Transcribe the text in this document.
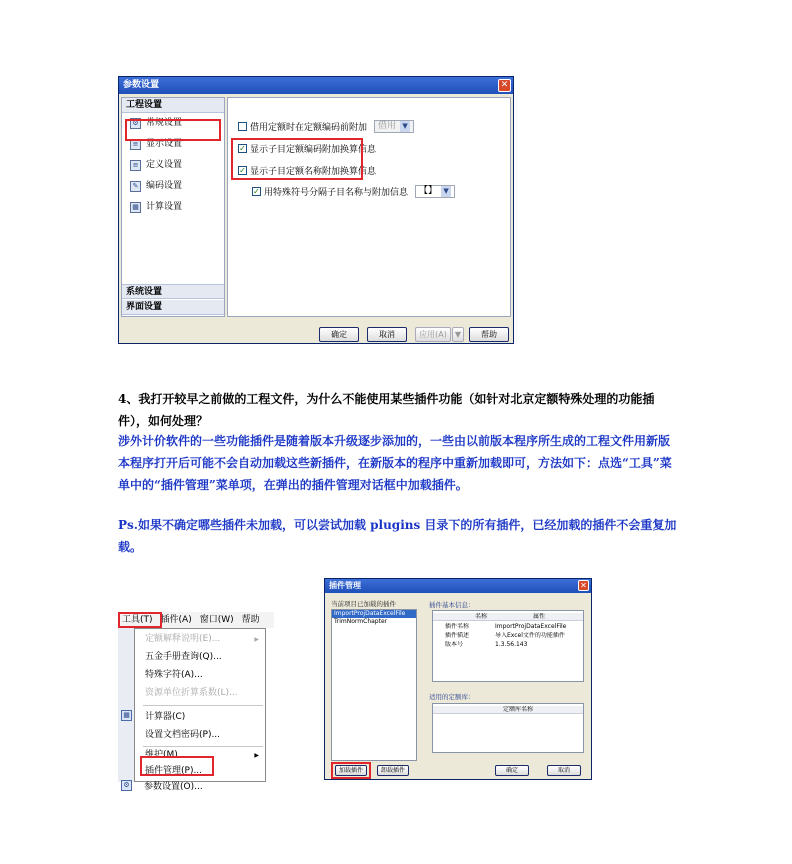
参数设置	✕
工程设置
⚙ 常规设置
≡ 显示设置
≡ 定义设置
✎ 编码设置
▦ 计算设置
系统设置
界面设置
借用定额时在定额编码前附加	借用 ▼
✓ 显示子目定额编码附加换算信息
✓ 显示子目定额名称附加换算信息
✓ 用特殊符号分隔子目名称与附加信息	【】 ▼
确定	取消	应用(A)	▼	帮助

4、我打开较早之前做的工程文件，为什么不能使用某些插件功能（如针对北京定额特殊处理的功能插件），如何处理？

涉外计价软件的一些功能插件是随着版本升级逐步添加的，一些由以前版本程序所生成的工程文件用新版本程序打开后可能不会自动加载这些新插件，在新版本的程序中重新加载即可，方法如下：点选“工具”菜单中的“插件管理”菜单项，在弹出的插件管理对话框中加载插件。

Ps.如果不确定哪些插件未加载，可以尝试加载 plugins 目录下的所有插件，已经加载的插件不会重复加载。

工具(T) 插件(A) 窗口(W) 帮助
定额解释说明(E)...	▶
五金手册查询(Q)...
特殊字符(A)...
资源单位折算系数(L)...
计算器(C)
设置文档密码(P)...
维护(M)	▶
插件管理(P)...
▦
参数设置(O)...
⚙
插件管理	✕
当前项目已加载的插件
ImportProjDataExcelFile
TrimNormChapter
插件基本信息：
名称	属性
插件名称	ImportProjDataExcelFile
插件描述	导入Excel文件的功能插件
版本号	1.3.56.143
适用的定额库：
定额库名称
加载插件	卸载插件	确定	取消
